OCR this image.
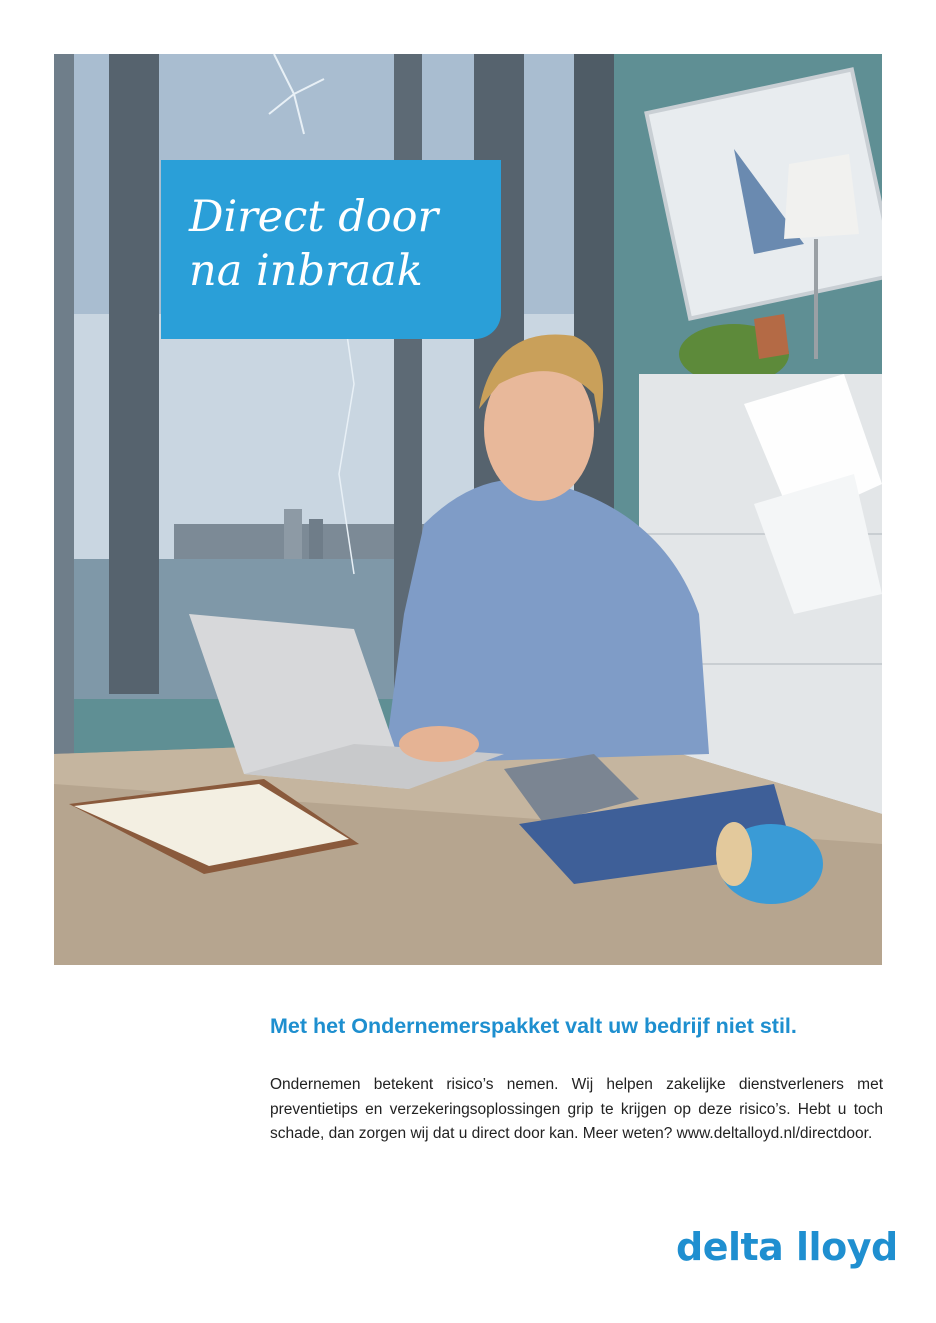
Direct door
na inbraak
Met het Ondernemerspakket valt uw bedrijf niet stil.
Ondernemen betekent risico’s nemen. Wij helpen zakelijke dienstverleners met preventietips en verzekeringsoplossingen grip te krijgen op deze risico’s. Hebt u toch schade, dan zorgen wij dat u direct door kan. Meer weten? www.deltalloyd.nl/directdoor.
delta lloyd
